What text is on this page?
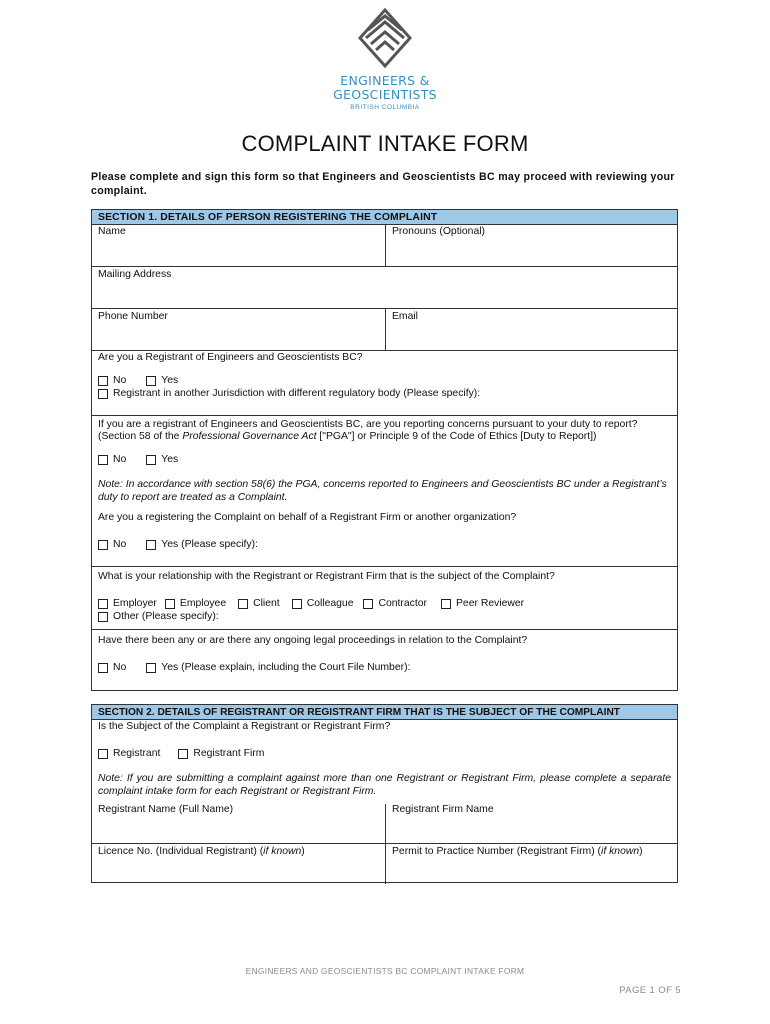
ENGINEERS &
GEOSCIENTISTS
BRITISH COLUMBIA
COMPLAINT INTAKE FORM
Please complete and sign this form so that Engineers and Geoscientists BC may proceed with reviewing your complaint.
SECTION 1. DETAILS OF PERSON REGISTERING THE COMPLAINT
Name	Pronouns (Optional)
Mailing Address
Phone Number	Email
Are you a Registrant of Engineers and Geoscientists BC?
No	Yes
Registrant in another Jurisdiction with different regulatory body (Please specify):
If you are a registrant of Engineers and Geoscientists BC, are you reporting concerns pursuant to your duty to report?
(Section 58 of the Professional Governance Act ["PGA"] or Principle 9 of the Code of Ethics [Duty to Report])
No	Yes
Note: In accordance with section 58(6) the PGA, concerns reported to Engineers and Geoscientists BC under a Registrant’s duty to report are treated as a Complaint.
Are you a registering the Complaint on behalf of a Registrant Firm or another organization?
No	Yes (Please specify):
What is your relationship with the Registrant or Registrant Firm that is the subject of the Complaint?
Employer Employee	Client	Colleague Contractor	Peer Reviewer
Other (Please specify):
Have there been any or are there any ongoing legal proceedings in relation to the Complaint?
No	Yes (Please explain, including the Court File Number):
SECTION 2. DETAILS OF REGISTRANT OR REGISTRANT FIRM THAT IS THE SUBJECT OF THE COMPLAINT
Is the Subject of the Complaint a Registrant or Registrant Firm?
Registrant	Registrant Firm
Note: If you are submitting a complaint against more than one Registrant or Registrant Firm, please complete a separate complaint intake form for each Registrant or Registrant Firm.
Registrant Name (Full Name)	Registrant Firm Name
Licence No. (Individual Registrant) (if known)	Permit to Practice Number (Registrant Firm) (if known)
ENGINEERS AND GEOSCIENTISTS BC COMPLAINT INTAKE FORM
PAGE 1 OF 5
